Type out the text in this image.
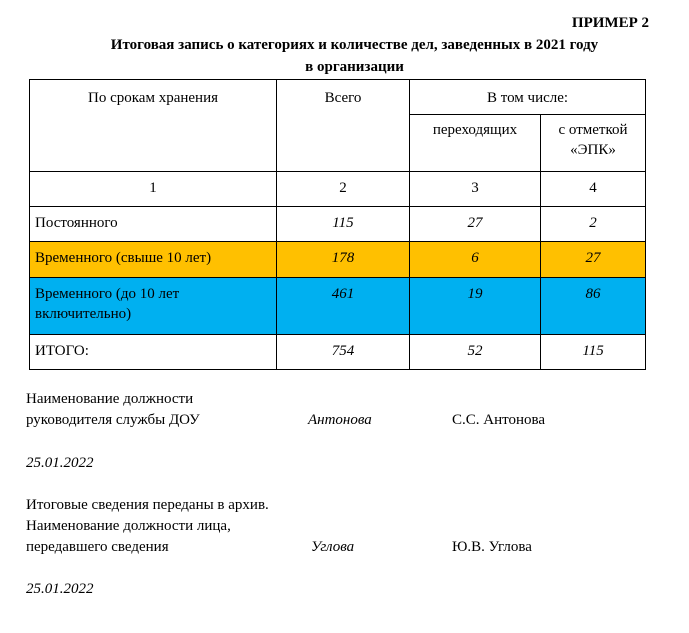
ПРИМЕР 2
Итоговая запись о категориях и количестве дел, заведенных в 2021 году
в организации
По срокам хранения	Всего	В том числе:	
		переходящих	с отметкой
«ЭПК»

1	2	3	4
Постоянного	115	27	2
Временного (свыше 10 лет)	178	6	27

Временного (до 10 лет
включительно)	461	19	86
ИТОГО:	754	52	115
Наименование должности
руководителя службы ДОУ	Антонова	С.С. Антонова
25.01.2022
Итоговые сведения переданы в архив.
Наименование должности лица,
передавшего сведения	Углова	Ю.В. Углова
25.01.2022
